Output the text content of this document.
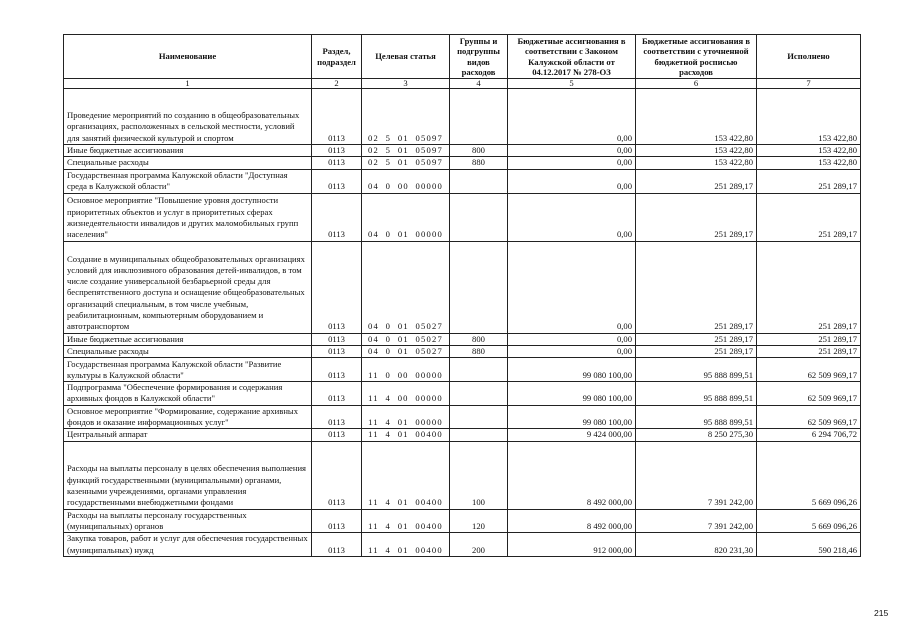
Наименование	Раздел, подраздел	Целевая статья	Группы и подгруппы видов расходов	Бюджетные ассигнования в соответствии с Законом Калужской области от 04.12.2017 № 278-ОЗ	Бюджетные ассигнования в соответствии с уточненной бюджетной росписью расходов	Исполнено
1	2	3	4	5	6	7
Проведение мероприятий по созданию в общеобразовательных организациях, расположенных в сельской местности, условий для занятий физической культурой и спортом	0113	02  5  01  05097		0,00	153 422,80	153 422,80
Иные бюджетные ассигнования	0113	02  5  01  05097	800	0,00	153 422,80	153 422,80
Специальные расходы	0113	02  5  01  05097	880	0,00	153 422,80	153 422,80
Государственная программа Калужской области "Доступная среда в Калужской области"	0113	04  0  00  00000		0,00	251 289,17	251 289,17
Основное мероприятие "Повышение уровня доступности приоритетных объектов и услуг в приоритетных сферах жизнедеятельности инвалидов и других маломобильных групп населения"	0113	04  0  01  00000		0,00	251 289,17	251 289,17
Создание в муниципальных общеобразовательных организациях условий для инклюзивного образования детей-инвалидов, в том числе создание универсальной безбарьерной среды для беспрепятственного доступа и оснащение общеобразовательных организаций специальным, в том числе учебным, реабилитационным, компьютерным оборудованием и автотранспортом	0113	04  0  01  05027		0,00	251 289,17	251 289,17
Иные бюджетные ассигнования	0113	04  0  01  05027	800	0,00	251 289,17	251 289,17
Специальные расходы	0113	04  0  01  05027	880	0,00	251 289,17	251 289,17
Государственная программа Калужской области "Развитие культуры в Калужской области"	0113	11  0  00  00000		99 080 100,00	95 888 899,51	62 509 969,17
Подпрограмма "Обеспечение формирования и содержания архивных фондов в Калужской области"	0113	11  4  00  00000		99 080 100,00	95 888 899,51	62 509 969,17
Основное мероприятие "Формирование, содержание архивных фондов и оказание информационных услуг"	0113	11  4  01  00000		99 080 100,00	95 888 899,51	62 509 969,17
Центральный аппарат	0113	11  4  01  00400		9 424 000,00	8 250 275,30	6 294 706,72
Расходы на выплаты персоналу в целях обеспечения выполнения функций государственными (муниципальными) органами, казенными учреждениями, органами управления государственными внебюджетными фондами	0113	11  4  01  00400	100	8 492 000,00	7 391 242,00	5 669 096,26
Расходы на выплаты персоналу государственных (муниципальных) органов	0113	11  4  01  00400	120	8 492 000,00	7 391 242,00	5 669 096,26
Закупка товаров, работ и услуг для обеспечения государственных (муниципальных) нужд	0113	11  4  01  00400	200	912 000,00	820 231,30	590 218,46
215
